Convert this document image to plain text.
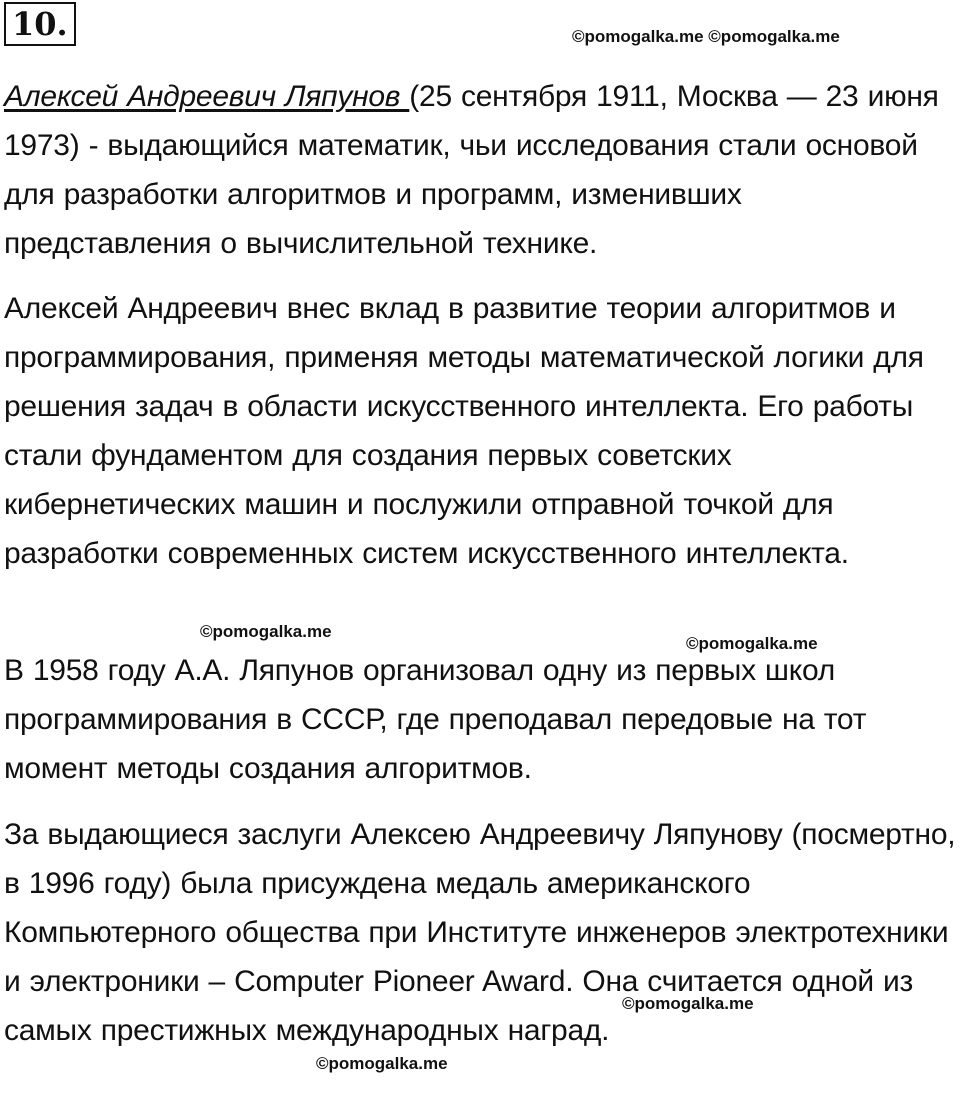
10.	©pomogalka.me ©pomogalka.me

Алексей Андреевич Ляпунов (25 сентября 1911, Москва — 23 июня 1973) - выдающийся математик, чьи исследования стали основой для разработки алгоритмов и программ, изменивших представления о вычислительной технике.

Алексей Андреевич внес вклад в развитие теории алгоритмов и программирования, применяя методы математической логики для решения задач в области искусственного интеллекта. Его работы стали фундаментом для создания первых советских кибернетических машин и послужили отправной точкой для разработки современных систем искусственного интеллекта.

©pomogalka.me
©pomogalka.me

В 1958 году А.А. Ляпунов организовал одну из первых школ программирования в СССР, где преподавал передовые на тот момент методы создания алгоритмов.

За выдающиеся заслуги Алексею Андреевичу Ляпунову (посмертно, в 1996 году) была присуждена медаль американского Компьютерного общества при Институте инженеров электротехники и электроники – Computer Pioneer Award. Она считается одной из самых престижных международных наград.

©pomogalka.me
©pomogalka.me
